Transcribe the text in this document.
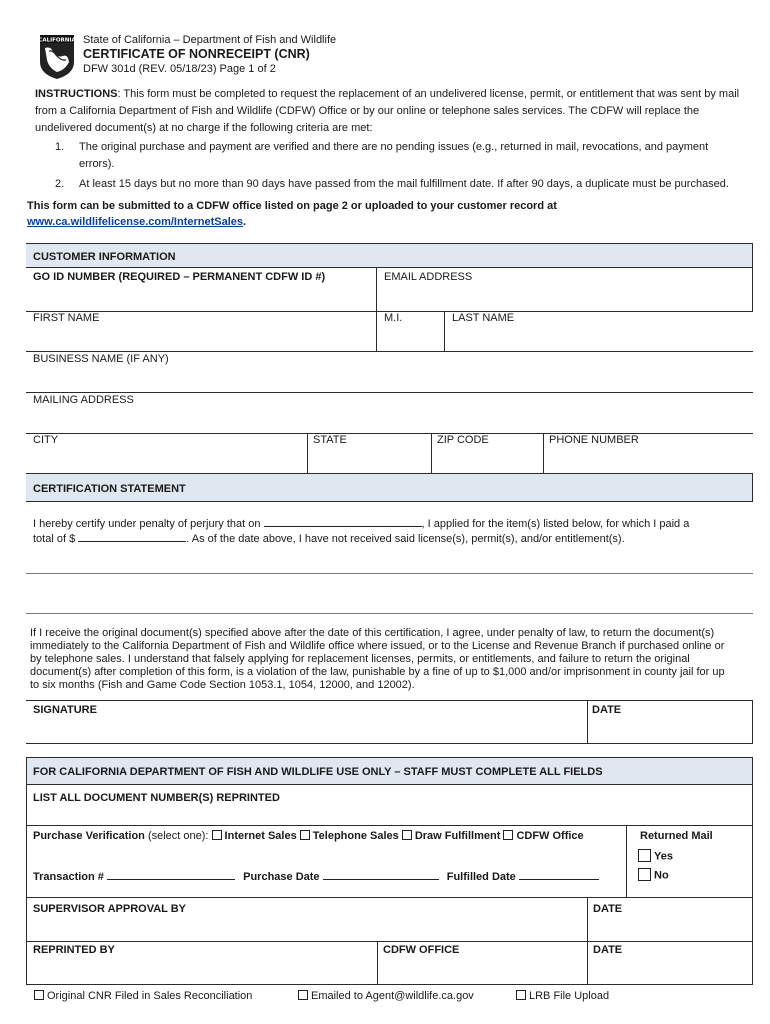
CALIFORNIA State of California – Department of Fish and Wildlife
CERTIFICATE OF NONRECEIPT (CNR)
DFW 301d (REV. 05/18/23) Page 1 of 2
INSTRUCTIONS: This form must be completed to request the replacement of an undelivered license, permit, or entitlement that was sent by mail from a California Department of Fish and Wildlife (CDFW) Office or by our online or telephone sales services. The CDFW will replace the undelivered document(s) at no charge if the following criteria are met:
1.	The original purchase and payment are verified and there are no pending issues (e.g., returned in mail, revocations, and payment errors).
2.	At least 15 days but no more than 90 days have passed from the mail fulfillment date. If after 90 days, a duplicate must be purchased.
This form can be submitted to a CDFW office listed on page 2 or uploaded to your customer record at
www.ca.wildlifelicense.com/InternetSales.
CUSTOMER INFORMATION
GO ID NUMBER (REQUIRED – PERMANENT CDFW ID #)	EMAIL ADDRESS
FIRST NAME	M.I.	LAST NAME
BUSINESS NAME (IF ANY)
MAILING ADDRESS
CITY	STATE	ZIP CODE	PHONE NUMBER
CERTIFICATION STATEMENT
I hereby certify under penalty of perjury that on	, I applied for the item(s) listed below, for which I paid a
total of $	. As of the date above, I have not received said license(s), permit(s), and/or entitlement(s).
If I receive the original document(s) specified above after the date of this certification, I agree, under penalty of law, to return the document(s) immediately to the California Department of Fish and Wildlife office where issued, or to the License and Revenue Branch if purchased online or by telephone sales. I understand that falsely applying for replacement licenses, permits, or entitlements, and failure to return the original document(s) after completion of this form, is a violation of the law, punishable by a fine of up to $1,000 and/or imprisonment in county jail for up to six months (Fish and Game Code Section 1053.1, 1054, 12000, and 12002).
SIGNATURE	DATE
FOR CALIFORNIA DEPARTMENT OF FISH AND WILDLIFE USE ONLY – STAFF MUST COMPLETE ALL FIELDS
LIST ALL DOCUMENT NUMBER(S) REPRINTED
Purchase Verification (select one): Internet Sales Telephone Sales Draw Fulfillment CDFW Office	Returned Mail
Yes
No
Transaction #	Purchase Date	Fulfilled Date
SUPERVISOR APPROVAL BY	DATE
REPRINTED BY	CDFW OFFICE	DATE
Original CNR Filed in Sales Reconciliation	Emailed to Agent@wildlife.ca.gov	LRB File Upload
